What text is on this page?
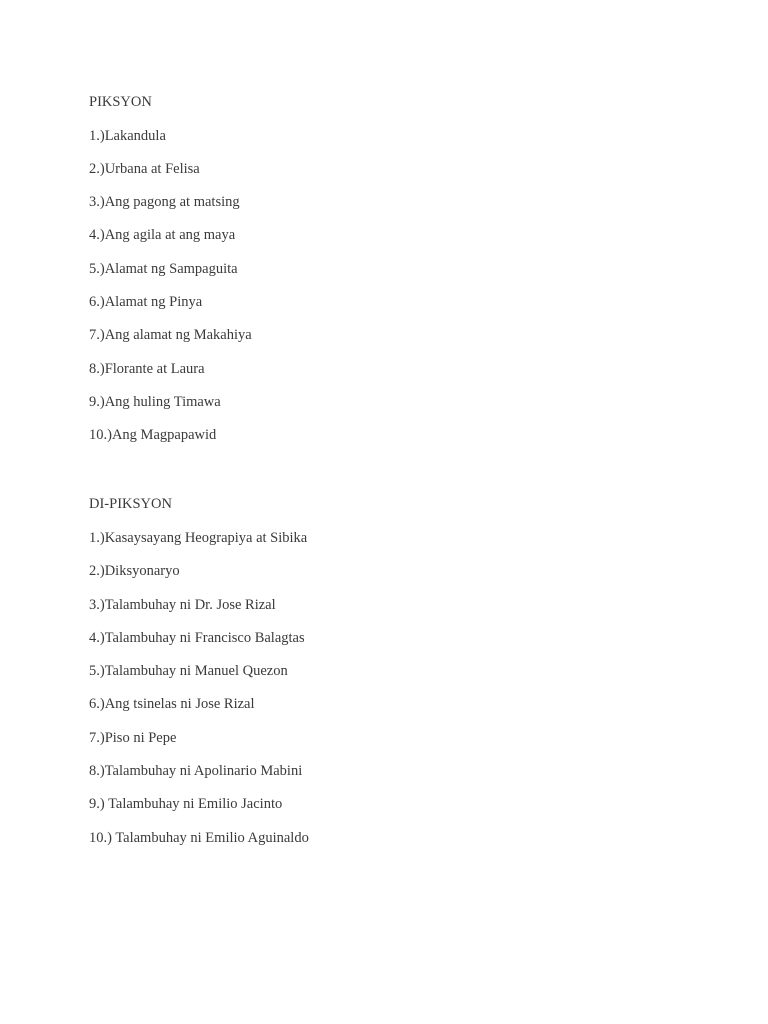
PIKSYON
1.)Lakandula
2.)Urbana at Felisa
3.)Ang pagong at matsing
4.)Ang agila at ang maya
5.)Alamat ng Sampaguita
6.)Alamat ng Pinya
7.)Ang alamat ng Makahiya
8.)Florante at Laura
9.)Ang huling Timawa
10.)Ang Magpapawid
DI-PIKSYON
1.)Kasaysayang Heograpiya at Sibika
2.)Diksyonaryo
3.)Talambuhay ni Dr. Jose Rizal
4.)Talambuhay ni Francisco Balagtas
5.)Talambuhay ni Manuel Quezon
6.)Ang tsinelas ni Jose Rizal
7.)Piso ni Pepe
8.)Talambuhay ni Apolinario Mabini
9.) Talambuhay ni Emilio Jacinto
10.) Talambuhay ni Emilio Aguinaldo
